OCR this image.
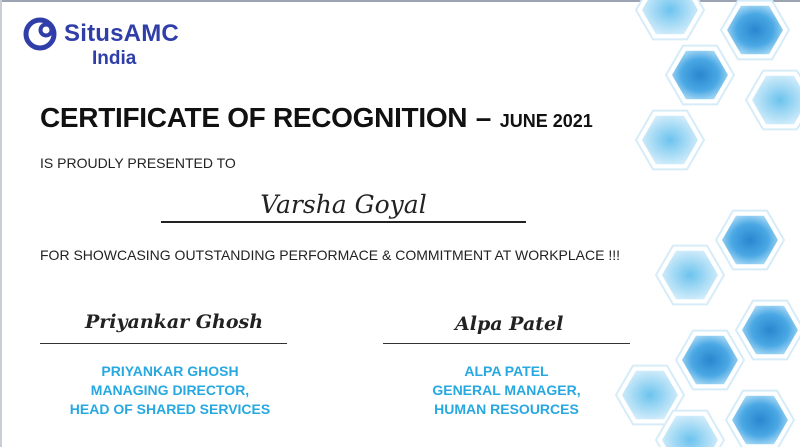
SitusAMC
India
CERTIFICATE OF RECOGNITION – JUNE 2021
IS PROUDLY PRESENTED TO
Varsha Goyal
FOR SHOWCASING OUTSTANDING PERFORMACE & COMMITMENT AT WORKPLACE !!!
Priyankar Ghosh
PRIYANKAR GHOSH
MANAGING DIRECTOR,
HEAD OF SHARED SERVICES
Alpa Patel
ALPA PATEL
GENERAL MANAGER,
HUMAN RESOURCES
